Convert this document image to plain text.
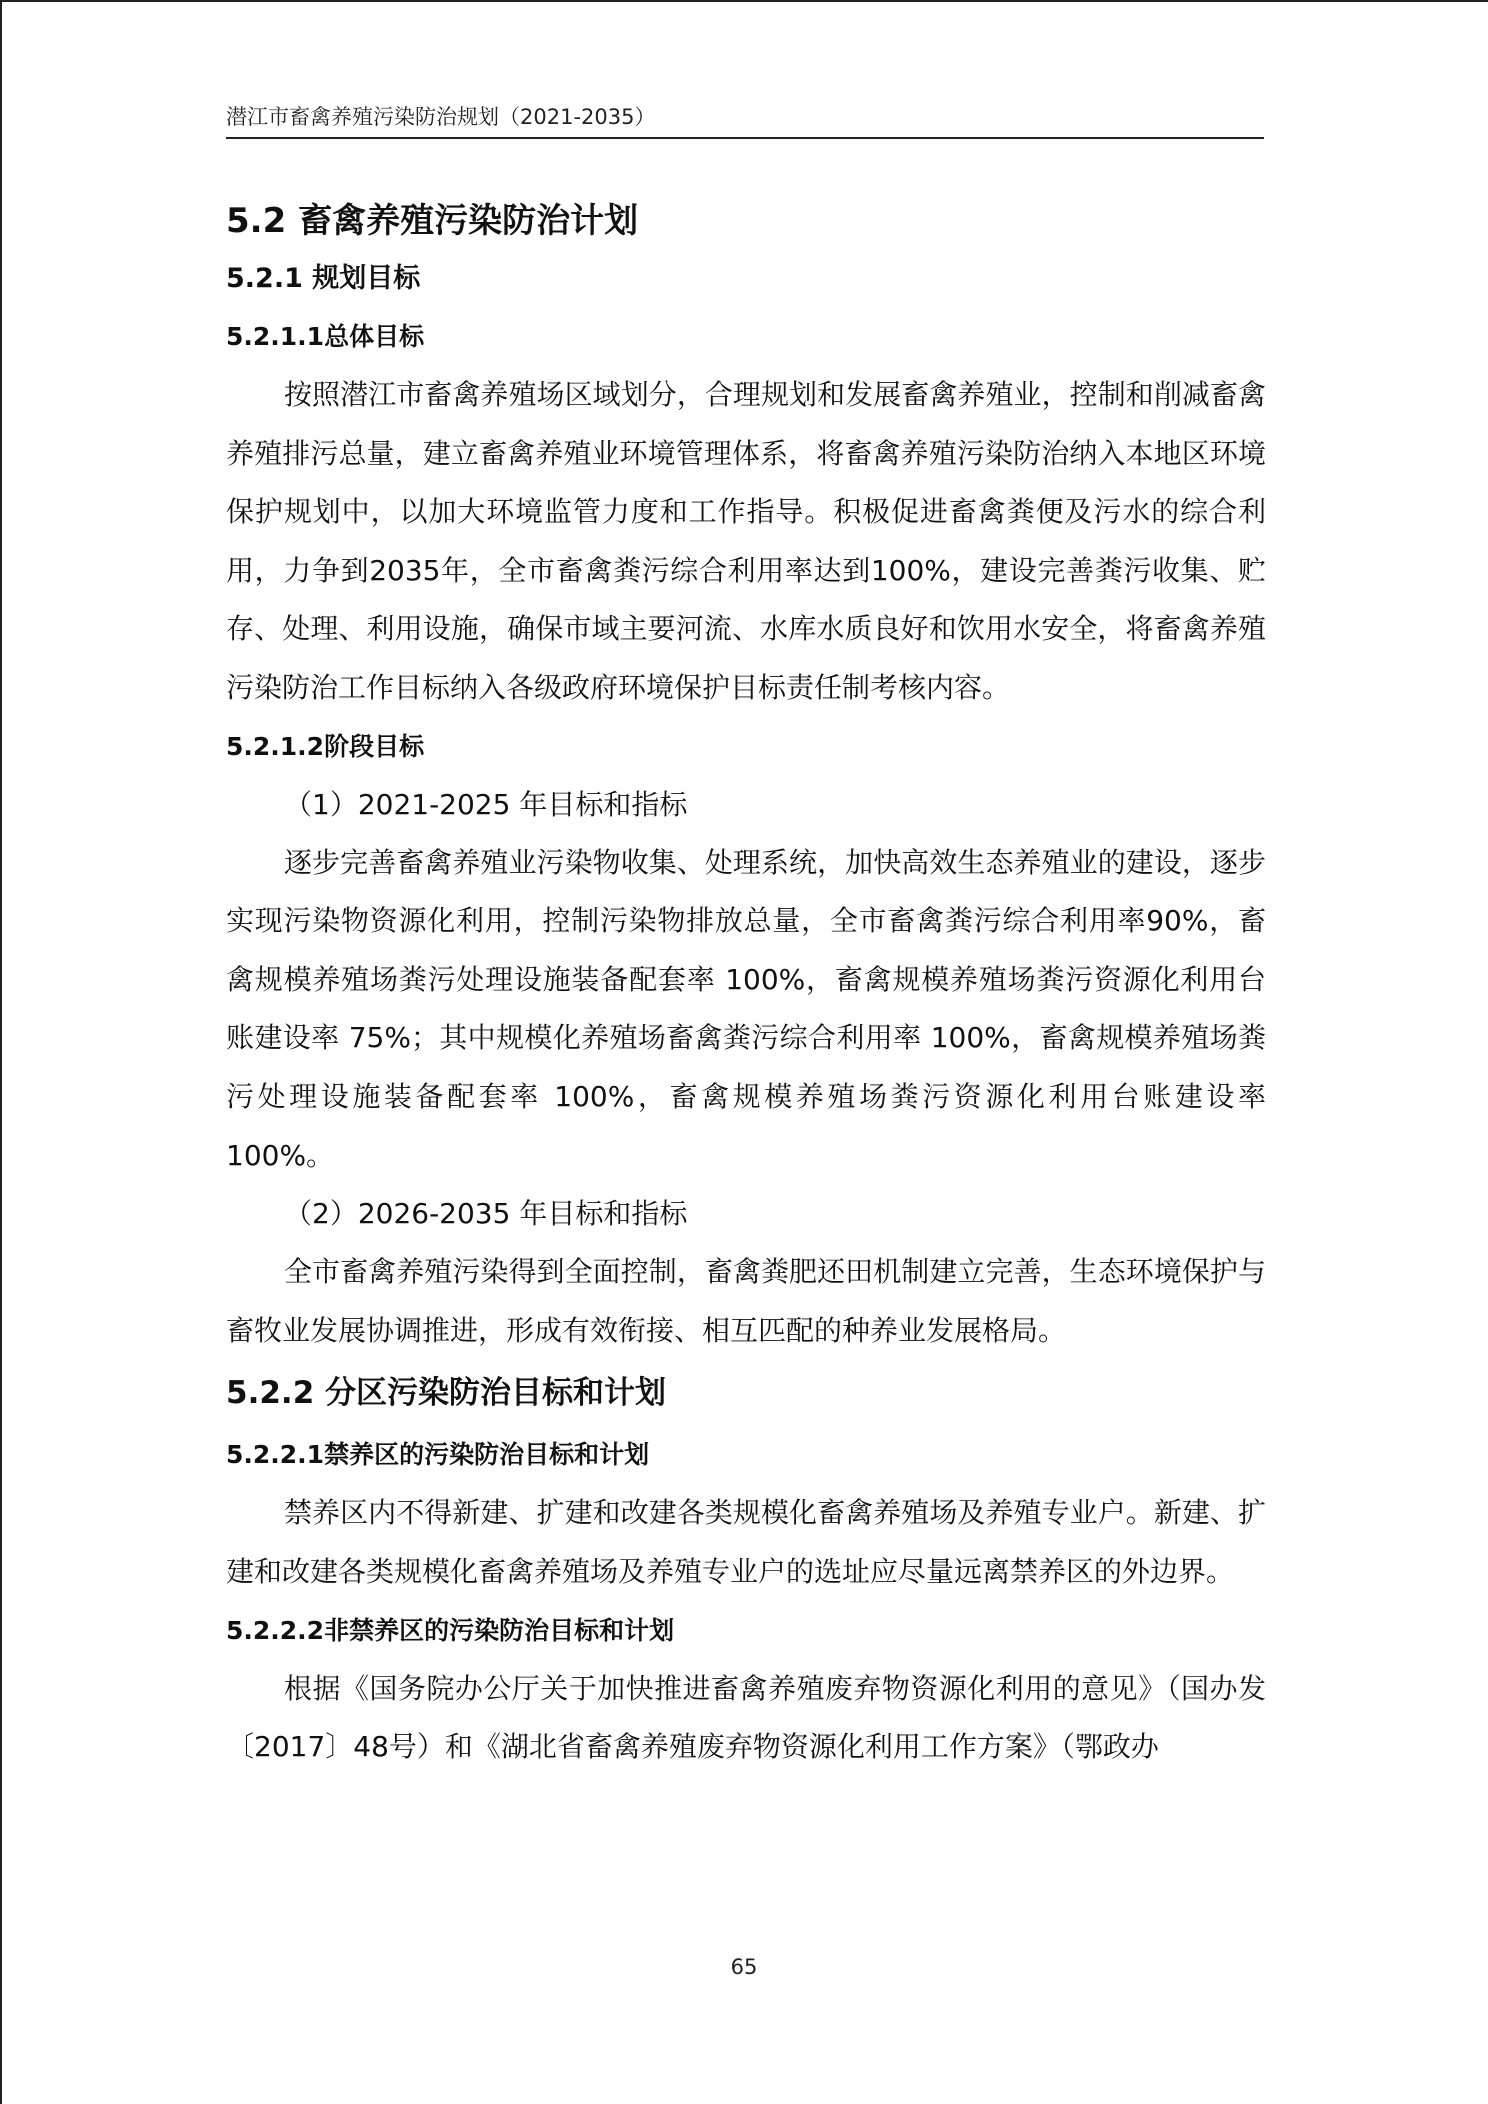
潜江市畜禽养殖污染防治规划（2021-2035）
5.2 畜禽养殖污染防治计划
5.2.1 规划目标
5.2.1.1总体目标

按照潜江市畜禽养殖场区域划分，合理规划和发展畜禽养殖业，控制和削减畜禽养殖排污总量，建立畜禽养殖业环境管理体系，将畜禽养殖污染防治纳入本地区环境保护规划中，以加大环境监管力度和工作指导。积极促进畜禽粪便及污水的综合利用，力争到2035年，全市畜禽粪污综合利用率达到100%，建设完善粪污收集、贮存、处理、利用设施，确保市域主要河流、水库水质良好和饮用水安全，将畜禽养殖污染防治工作目标纳入各级政府环境保护目标责任制考核内容。

5.2.1.2阶段目标

（1）2021-2025 年目标和指标

逐步完善畜禽养殖业污染物收集、处理系统，加快高效生态养殖业的建设，逐步实现污染物资源化利用，控制污染物排放总量，全市畜禽粪污综合利用率90%，畜禽规模养殖场粪污处理设施装备配套率 100%，畜禽规模养殖场粪污资源化利用台账建设率 75%；其中规模化养殖场畜禽粪污综合利用率 100%，畜禽规模养殖场粪污处理设施装备配套率 100%，畜禽规模养殖场粪污资源化利用台账建设率 100%。

（2）2026-2035 年目标和指标

全市畜禽养殖污染得到全面控制，畜禽粪肥还田机制建立完善，生态环境保护与畜牧业发展协调推进，形成有效衔接、相互匹配的种养业发展格局。

5.2.2 分区污染防治目标和计划
5.2.2.1禁养区的污染防治目标和计划

禁养区内不得新建、扩建和改建各类规模化畜禽养殖场及养殖专业户。新建、扩建和改建各类规模化畜禽养殖场及养殖专业户的选址应尽量远离禁养区的外边界。

5.2.2.2非禁养区的污染防治目标和计划

根据《国务院办公厅关于加快推进畜禽养殖废弃物资源化利用的意见》（国办发〔2017〕48号）和《湖北省畜禽养殖废弃物资源化利用工作方案》（鄂政办

65
